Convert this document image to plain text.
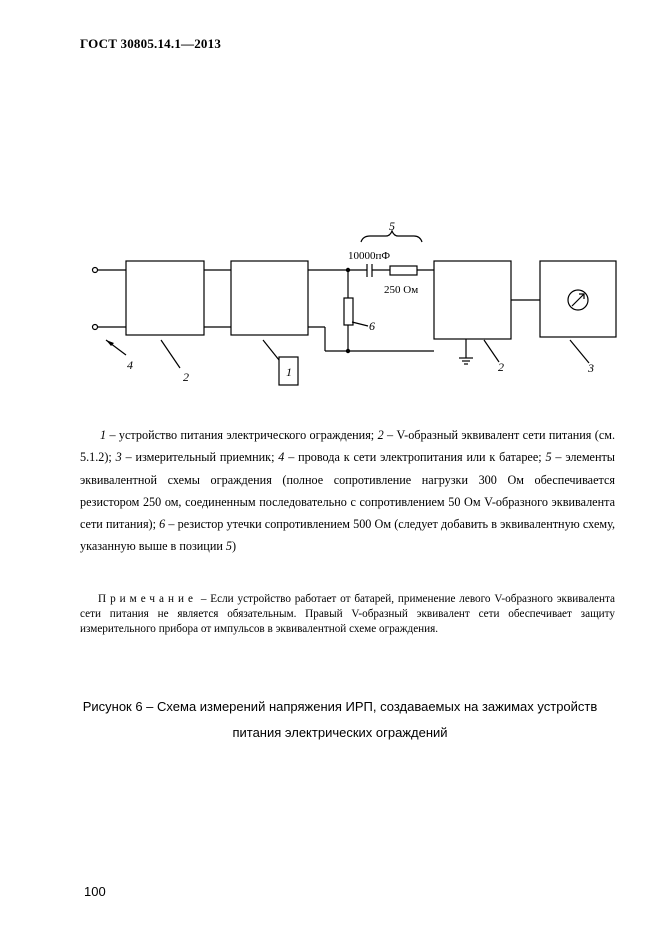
ГОСТ 30805.14.1—2013
10000пФ
250 Ом
5
6
4
2	1	2	3
1 – устройство питания электрического ограждения; 2 – V-образный эквивалент сети питания (см. 5.1.2); 3 – измерительный приемник; 4 – провода к сети электропитания или к батарее; 5 – элементы эквивалентной схемы ограждения (полное сопротивление нагрузки 300 Ом обеспечивается резистором 250 ом, соединенным последовательно с сопротивлением 50 Ом V-образного эквивалента сети питания); 6 – резистор утечки сопротивлением 500 Ом (следует добавить в эквивалентную схему, указанную выше в позиции 5)
Примечание – Если устройство работает от батарей, применение левого V-образного эквивалента сети питания не является обязательным. Правый V-образный эквивалент сети обеспечивает защиту измерительного прибора от импульсов в эквивалентной схеме ограждения.
Рисунок 6 – Схема измерений напряжения ИРП, создаваемых на зажимах устройств
питания электрических ограждений
100
